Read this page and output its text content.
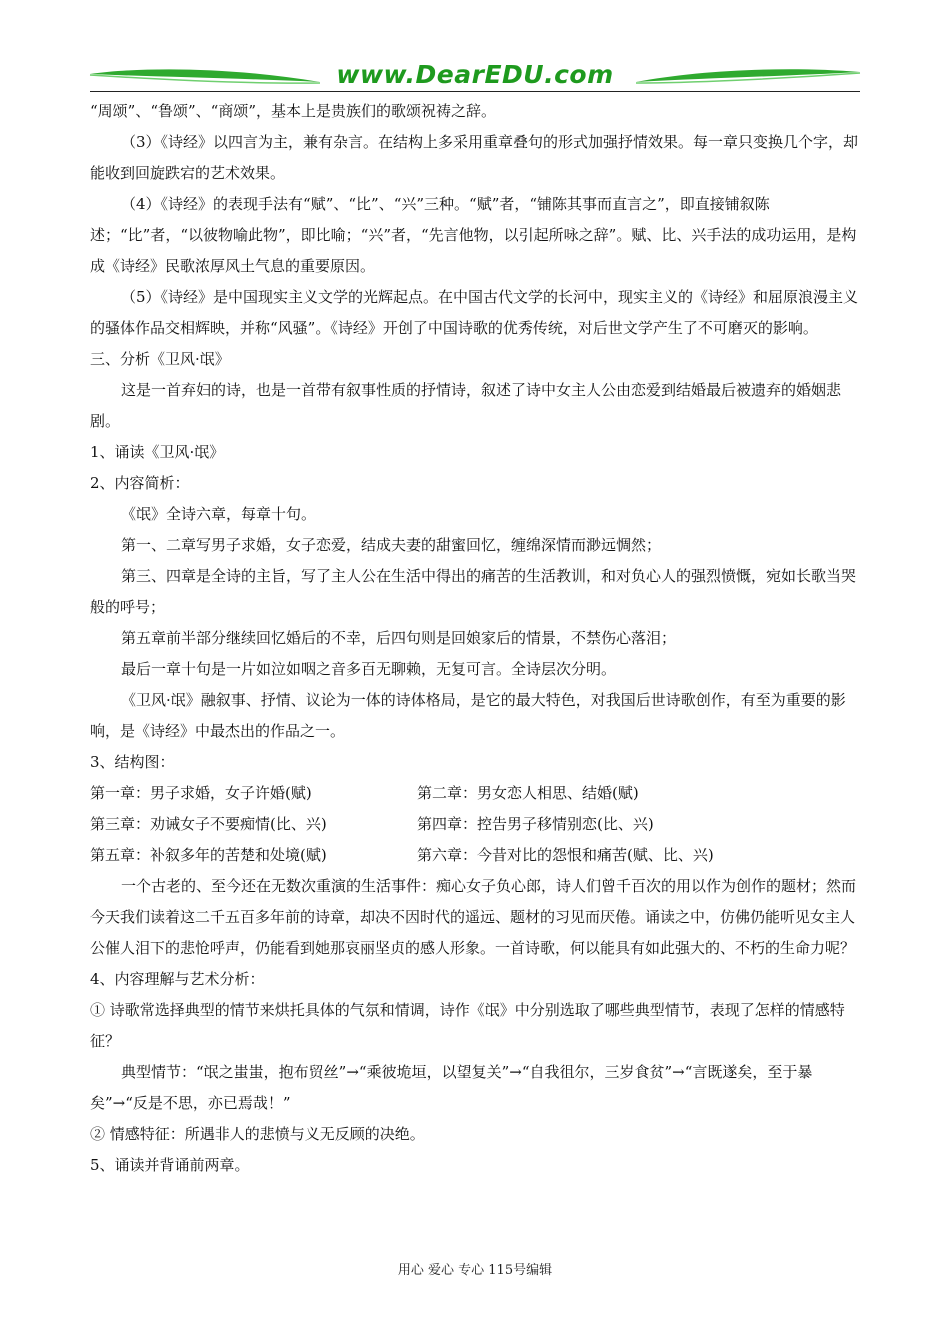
www.DearEDU.com

“周颂”、“鲁颂”、“商颂”，基本上是贵族们的歌颂祝祷之辞。

（3）《诗经》以四言为主，兼有杂言。在结构上多采用重章叠句的形式加强抒情效果。每一章只变换几个字，却能收到回旋跌宕的艺术效果。

（4）《诗经》的表现手法有“赋”、“比”、“兴”三种。“赋”者，“铺陈其事而直言之”，即直接铺叙陈述；“比”者，“以彼物喻此物”，即比喻；“兴”者，“先言他物，以引起所咏之辞”。赋、比、兴手法的成功运用，是构成《诗经》民歌浓厚风土气息的重要原因。

（5）《诗经》是中国现实主义文学的光辉起点。在中国古代文学的长河中，现实主义的《诗经》和屈原浪漫主义的骚体作品交相辉映，并称“风骚”。《诗经》开创了中国诗歌的优秀传统，对后世文学产生了不可磨灭的影响。

三、分析《卫风·氓》

这是一首弃妇的诗，也是一首带有叙事性质的抒情诗，叙述了诗中女主人公由恋爱到结婚最后被遗弃的婚姻悲剧。

1、诵读《卫风·氓》

2、内容简析：

《氓》全诗六章，每章十句。

第一、二章写男子求婚，女子恋爱，结成夫妻的甜蜜回忆，缠绵深情而渺远惆然；

第三、四章是全诗的主旨，写了主人公在生活中得出的痛苦的生活教训，和对负心人的强烈愤慨，宛如长歌当哭般的呼号；

第五章前半部分继续回忆婚后的不幸，后四句则是回娘家后的情景，不禁伤心落泪；

最后一章十句是一片如泣如咽之音多百无聊赖，无复可言。全诗层次分明。

《卫风·氓》融叙事、抒情、议论为一体的诗体格局，是它的最大特色，对我国后世诗歌创作，有至为重要的影响，是《诗经》中最杰出的作品之一。

3、结构图：

第一章：男子求婚，女子许婚(赋)	第二章：男女恋人相思、结婚(赋)
第三章：劝诫女子不要痴情(比、兴)	第四章：控告男子移情别恋(比、兴)
第五章：补叙多年的苦楚和处境(赋)	第六章：今昔对比的怨恨和痛苦(赋、比、兴)

一个古老的、至今还在无数次重演的生活事件：痴心女子负心郎，诗人们曾千百次的用以作为创作的题材；然而今天我们读着这二千五百多年前的诗章，却决不因时代的遥远、题材的习见而厌倦。诵读之中，仿佛仍能听见女主人公催人泪下的悲怆呼声，仍能看到她那哀丽坚贞的感人形象。一首诗歌，何以能具有如此强大的、不朽的生命力呢？

4、内容理解与艺术分析：

① 诗歌常选择典型的情节来烘托具体的气氛和情调，诗作《氓》中分别选取了哪些典型情节，表现了怎样的情感特征？

典型情节：“氓之蚩蚩，抱布贸丝”→“乘彼垝垣，以望复关”→“自我徂尔，三岁食贫”→“言既遂矣，至于暴矣”→“反是不思，亦已焉哉！”

② 情感特征：所遇非人的悲愤与义无反顾的决绝。

5、诵读并背诵前两章。

用心 爱心 专心 115号编辑
